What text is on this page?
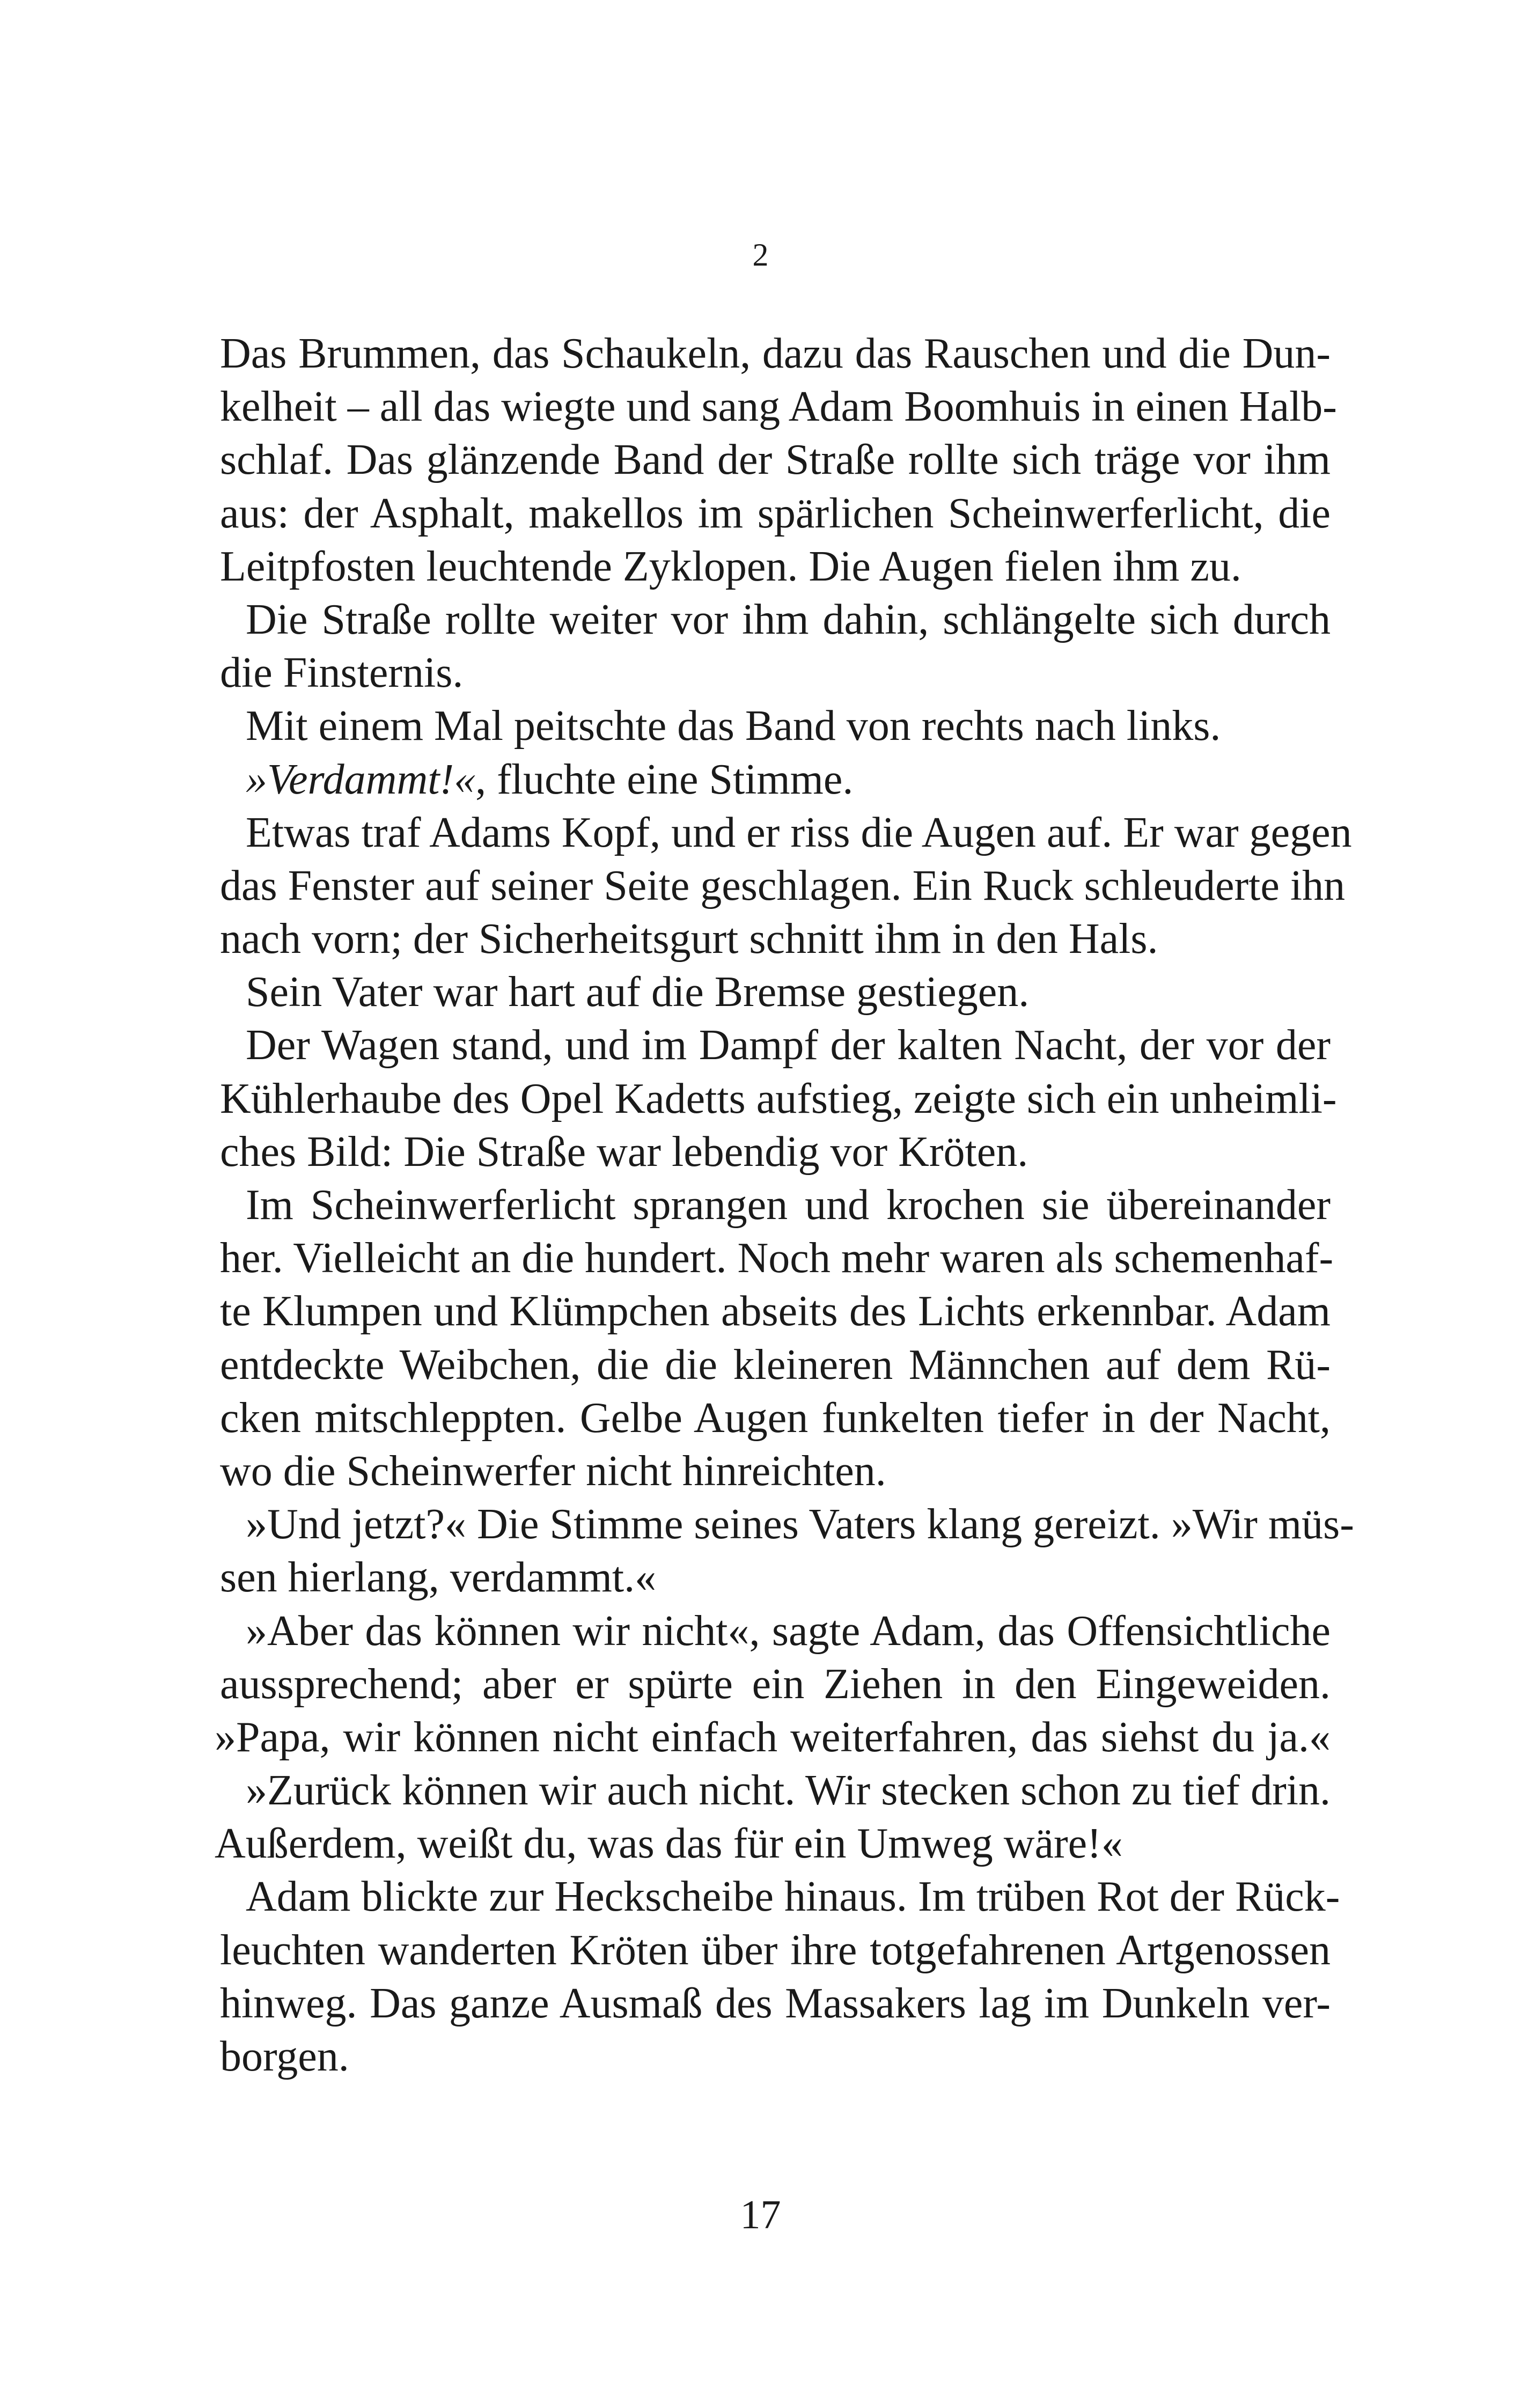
2
Das Brummen, das Schaukeln, dazu das Rauschen und die Dun-
kelheit – all das wiegte und sang Adam Boomhuis in einen Halb-
schlaf. Das glänzende Band der Straße rollte sich träge vor ihm
aus: der Asphalt, makellos im spärlichen Scheinwerferlicht, die
Leitpfosten leuchtende Zyklopen. Die Augen fielen ihm zu.
Die Straße rollte weiter vor ihm dahin, schlängelte sich durch
die Finsternis.
Mit einem Mal peitschte das Band von rechts nach links.
»Verdammt!«, fluchte eine Stimme.
Etwas traf Adams Kopf, und er riss die Augen auf. Er war gegen
das Fenster auf seiner Seite geschlagen. Ein Ruck schleuderte ihn
nach vorn; der Sicherheitsgurt schnitt ihm in den Hals.
Sein Vater war hart auf die Bremse gestiegen.
Der Wagen stand, und im Dampf der kalten Nacht, der vor der
Kühlerhaube des Opel Kadetts aufstieg, zeigte sich ein unheimli-
ches Bild: Die Straße war lebendig vor Kröten.
Im Scheinwerferlicht sprangen und krochen sie übereinander
her. Vielleicht an die hundert. Noch mehr waren als schemenhaf-
te Klumpen und Klümpchen abseits des Lichts erkennbar. Adam
entdeckte Weibchen, die die kleineren Männchen auf dem Rü-
cken mitschleppten. Gelbe Augen funkelten tiefer in der Nacht,
wo die Scheinwerfer nicht hinreichten.
»Und jetzt?« Die Stimme seines Vaters klang gereizt. »Wir müs-
sen hierlang, verdammt.«
»Aber das können wir nicht«, sagte Adam, das Offensichtliche
aussprechend; aber er spürte ein Ziehen in den Eingeweiden.
»Papa, wir können nicht einfach weiterfahren, das siehst du ja.«
»Zurück können wir auch nicht. Wir stecken schon zu tief drin.
Außerdem, weißt du, was das für ein Umweg wäre!«
Adam blickte zur Heckscheibe hinaus. Im trüben Rot der Rück-
leuchten wanderten Kröten über ihre totgefahrenen Artgenossen
hinweg. Das ganze Ausmaß des Massakers lag im Dunkeln ver-
borgen.
17
